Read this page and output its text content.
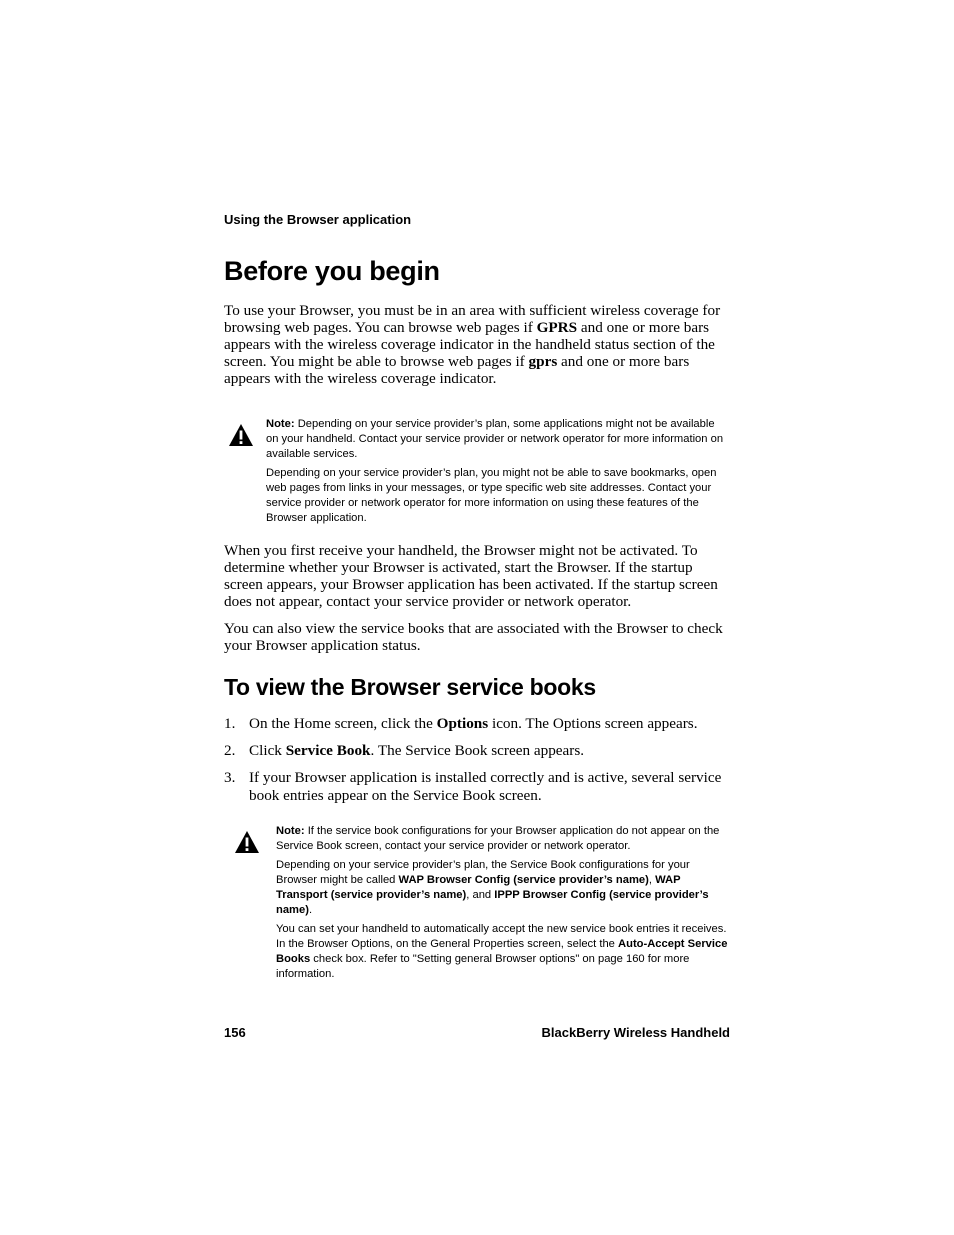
Using the Browser application
Before you begin

To use your Browser, you must be in an area with sufficient wireless coverage for browsing web pages. You can browse web pages if GPRS and one or more bars appears with the wireless coverage indicator in the handheld status section of the screen. You might be able to browse web pages if gprs and one or more bars appears with the wireless coverage indicator.

Note: Depending on your service provider’s plan, some applications might not be available on your handheld. Contact your service provider or network operator for more information on available services.

Depending on your service provider’s plan, you might not be able to save bookmarks, open web pages from links in your messages, or type specific web site addresses. Contact your service provider or network operator for more information on using these features of the Browser application.

When you first receive your handheld, the Browser might not be activated. To determine whether your Browser is activated, start the Browser. If the startup screen appears, your Browser application has been activated. If the startup screen does not appear, contact your service provider or network operator.

You can also view the service books that are associated with the Browser to check your Browser application status.

To view the Browser service books
1. On the Home screen, click the Options icon. The Options screen appears.
2. Click Service Book. The Service Book screen appears.
3. If your Browser application is installed correctly and is active, several service book entries appear on the Service Book screen.

Note: If the service book configurations for your Browser application do not appear on the Service Book screen, contact your service provider or network operator.

Depending on your service provider’s plan, the Service Book configurations for your Browser might be called WAP Browser Config (service provider’s name), WAP Transport (service provider’s name), and IPPP Browser Config (service provider’s name).

You can set your handheld to automatically accept the new service book entries it receives. In the Browser Options, on the General Properties screen, select the Auto-Accept Service Books check box. Refer to "Setting general Browser options" on page 160 for more information.

156	BlackBerry Wireless Handheld
